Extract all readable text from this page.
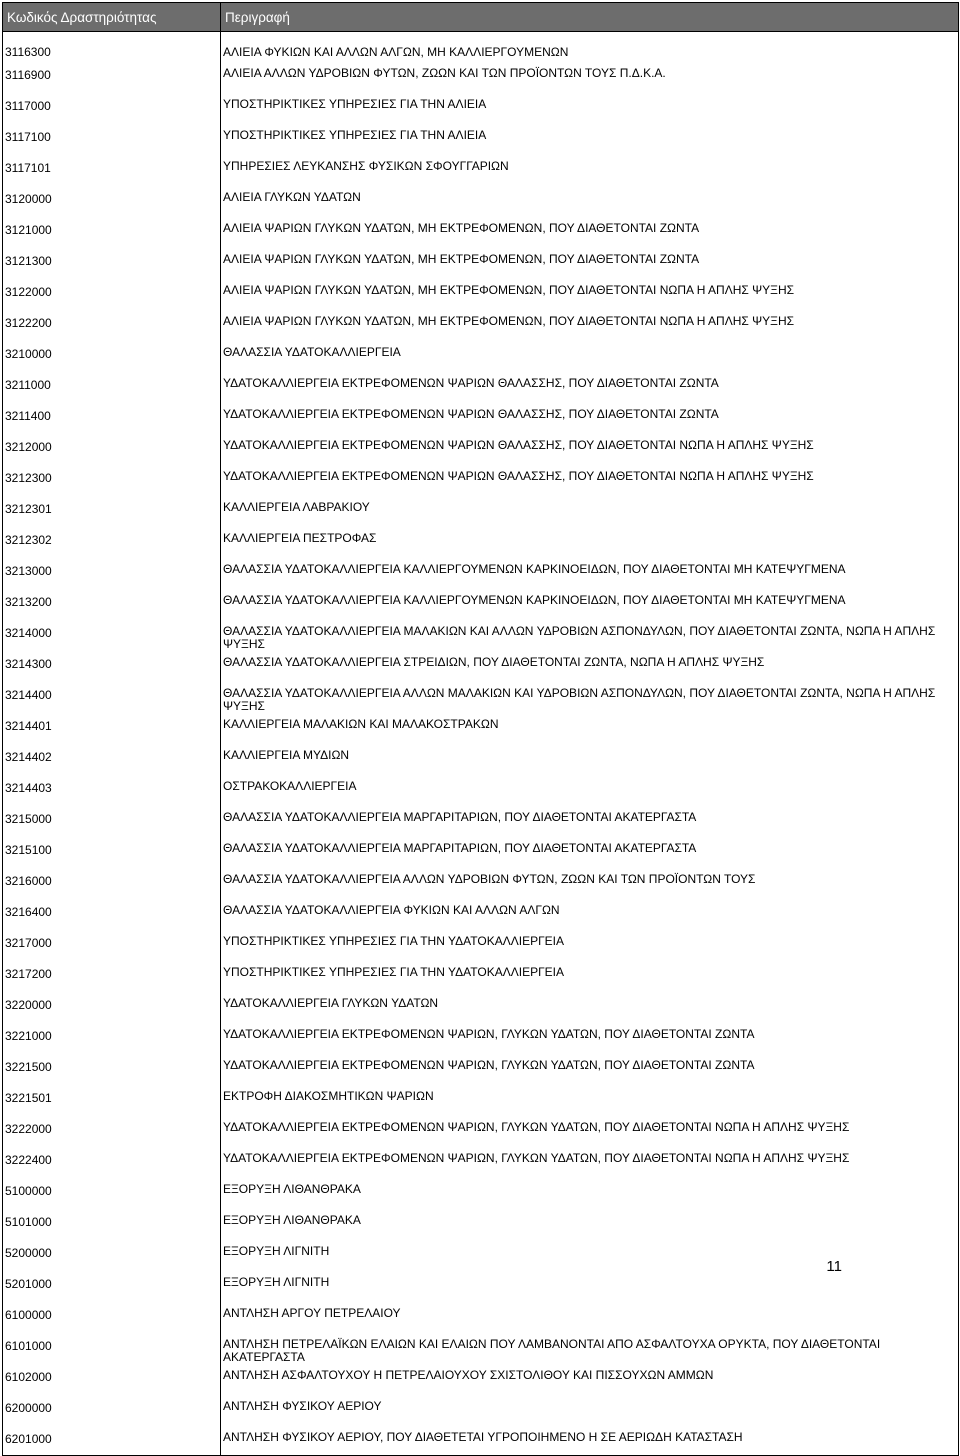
Κωδικός Δραστηριότητας	Περιγραφή
3116300	ΑΛΙΕΙΑ ΦΥΚΙΩΝ ΚΑΙ ΑΛΛΩΝ ΑΛΓΩΝ, ΜΗ ΚΑΛΛΙΕΡΓΟΥΜΕΝΩΝ
3116900	ΑΛΙΕΙΑ ΑΛΛΩΝ ΥΔΡΟΒΙΩΝ ΦΥΤΩΝ, ΖΩΩΝ ΚΑΙ ΤΩΝ ΠΡΟΪΟΝΤΩΝ ΤΟΥΣ Π.Δ.Κ.Α.
3117000	ΥΠΟΣΤΗΡΙΚΤΙΚΕΣ ΥΠΗΡΕΣΙΕΣ ΓΙΑ ΤΗΝ ΑΛΙΕΙΑ
3117100	ΥΠΟΣΤΗΡΙΚΤΙΚΕΣ ΥΠΗΡΕΣΙΕΣ ΓΙΑ ΤΗΝ ΑΛΙΕΙΑ
3117101	ΥΠΗΡΕΣΙΕΣ ΛΕΥΚΑΝΣΗΣ ΦΥΣΙΚΩΝ ΣΦΟΥΓΓΑΡΙΩΝ
3120000	ΑΛΙΕΙΑ ΓΛΥΚΩΝ ΥΔΑΤΩΝ
3121000	ΑΛΙΕΙΑ ΨΑΡΙΩΝ ΓΛΥΚΩΝ ΥΔΑΤΩΝ, ΜΗ ΕΚΤΡΕΦΟΜΕΝΩΝ, ΠΟΥ ΔΙΑΘΕΤΟΝΤΑΙ ΖΩΝΤΑ
3121300	ΑΛΙΕΙΑ ΨΑΡΙΩΝ ΓΛΥΚΩΝ ΥΔΑΤΩΝ, ΜΗ ΕΚΤΡΕΦΟΜΕΝΩΝ, ΠΟΥ ΔΙΑΘΕΤΟΝΤΑΙ ΖΩΝΤΑ
3122000	ΑΛΙΕΙΑ ΨΑΡΙΩΝ ΓΛΥΚΩΝ ΥΔΑΤΩΝ, ΜΗ ΕΚΤΡΕΦΟΜΕΝΩΝ, ΠΟΥ ΔΙΑΘΕΤΟΝΤΑΙ ΝΩΠΑ Η ΑΠΛΗΣ ΨΥΞΗΣ
3122200	ΑΛΙΕΙΑ ΨΑΡΙΩΝ ΓΛΥΚΩΝ ΥΔΑΤΩΝ, ΜΗ ΕΚΤΡΕΦΟΜΕΝΩΝ, ΠΟΥ ΔΙΑΘΕΤΟΝΤΑΙ ΝΩΠΑ Η ΑΠΛΗΣ ΨΥΞΗΣ
3210000	ΘΑΛΑΣΣΙΑ ΥΔΑΤΟΚΑΛΛΙΕΡΓΕΙΑ
3211000	ΥΔΑΤΟΚΑΛΛΙΕΡΓΕΙΑ ΕΚΤΡΕΦΟΜΕΝΩΝ ΨΑΡΙΩΝ ΘΑΛΑΣΣΗΣ, ΠΟΥ ΔΙΑΘΕΤΟΝΤΑΙ ΖΩΝΤΑ
3211400	ΥΔΑΤΟΚΑΛΛΙΕΡΓΕΙΑ ΕΚΤΡΕΦΟΜΕΝΩΝ ΨΑΡΙΩΝ ΘΑΛΑΣΣΗΣ, ΠΟΥ ΔΙΑΘΕΤΟΝΤΑΙ ΖΩΝΤΑ
3212000	ΥΔΑΤΟΚΑΛΛΙΕΡΓΕΙΑ ΕΚΤΡΕΦΟΜΕΝΩΝ ΨΑΡΙΩΝ ΘΑΛΑΣΣΗΣ, ΠΟΥ ΔΙΑΘΕΤΟΝΤΑΙ ΝΩΠΑ Η ΑΠΛΗΣ ΨΥΞΗΣ
3212300	ΥΔΑΤΟΚΑΛΛΙΕΡΓΕΙΑ ΕΚΤΡΕΦΟΜΕΝΩΝ ΨΑΡΙΩΝ ΘΑΛΑΣΣΗΣ, ΠΟΥ ΔΙΑΘΕΤΟΝΤΑΙ ΝΩΠΑ Η ΑΠΛΗΣ ΨΥΞΗΣ
3212301	ΚΑΛΛΙΕΡΓΕΙΑ ΛΑΒΡΑΚΙΟΥ
3212302	ΚΑΛΛΙΕΡΓΕΙΑ ΠΕΣΤΡΟΦΑΣ
3213000	ΘΑΛΑΣΣΙΑ ΥΔΑΤΟΚΑΛΛΙΕΡΓΕΙΑ ΚΑΛΛΙΕΡΓΟΥΜΕΝΩΝ ΚΑΡΚΙΝΟΕΙΔΩΝ, ΠΟΥ ΔΙΑΘΕΤΟΝΤΑΙ ΜΗ ΚΑΤΕΨΥΓΜΕΝΑ
3213200	ΘΑΛΑΣΣΙΑ ΥΔΑΤΟΚΑΛΛΙΕΡΓΕΙΑ ΚΑΛΛΙΕΡΓΟΥΜΕΝΩΝ ΚΑΡΚΙΝΟΕΙΔΩΝ, ΠΟΥ ΔΙΑΘΕΤΟΝΤΑΙ ΜΗ ΚΑΤΕΨΥΓΜΕΝΑ
3214000	ΘΑΛΑΣΣΙΑ ΥΔΑΤΟΚΑΛΛΙΕΡΓΕΙΑ ΜΑΛΑΚΙΩΝ ΚΑΙ ΑΛΛΩΝ ΥΔΡΟΒΙΩΝ ΑΣΠΟΝΔΥΛΩΝ, ΠΟΥ ΔΙΑΘΕΤΟΝΤΑΙ ΖΩΝΤΑ, ΝΩΠΑ Η ΑΠΛΗΣ ΨΥΞΗΣ
3214300	ΘΑΛΑΣΣΙΑ ΥΔΑΤΟΚΑΛΛΙΕΡΓΕΙΑ ΣΤΡΕΙΔΙΩΝ, ΠΟΥ ΔΙΑΘΕΤΟΝΤΑΙ ΖΩΝΤΑ, ΝΩΠΑ Η ΑΠΛΗΣ ΨΥΞΗΣ
3214400	ΘΑΛΑΣΣΙΑ ΥΔΑΤΟΚΑΛΛΙΕΡΓΕΙΑ ΑΛΛΩΝ ΜΑΛΑΚΙΩΝ ΚΑΙ ΥΔΡΟΒΙΩΝ ΑΣΠΟΝΔΥΛΩΝ, ΠΟΥ ΔΙΑΘΕΤΟΝΤΑΙ ΖΩΝΤΑ, ΝΩΠΑ Η ΑΠΛΗΣ ΨΥΞΗΣ
3214401	ΚΑΛΛΙΕΡΓΕΙΑ ΜΑΛΑΚΙΩΝ ΚΑΙ ΜΑΛΑΚΟΣΤΡΑΚΩΝ
3214402	ΚΑΛΛΙΕΡΓΕΙΑ ΜΥΔΙΩΝ
3214403	ΟΣΤΡΑΚΟΚΑΛΛΙΕΡΓΕΙΑ
3215000	ΘΑΛΑΣΣΙΑ ΥΔΑΤΟΚΑΛΛΙΕΡΓΕΙΑ ΜΑΡΓΑΡΙΤΑΡΙΩΝ, ΠΟΥ ΔΙΑΘΕΤΟΝΤΑΙ ΑΚΑΤΕΡΓΑΣΤΑ
3215100	ΘΑΛΑΣΣΙΑ ΥΔΑΤΟΚΑΛΛΙΕΡΓΕΙΑ ΜΑΡΓΑΡΙΤΑΡΙΩΝ, ΠΟΥ ΔΙΑΘΕΤΟΝΤΑΙ ΑΚΑΤΕΡΓΑΣΤΑ
3216000	ΘΑΛΑΣΣΙΑ ΥΔΑΤΟΚΑΛΛΙΕΡΓΕΙΑ ΑΛΛΩΝ ΥΔΡΟΒΙΩΝ ΦΥΤΩΝ, ΖΩΩΝ ΚΑΙ ΤΩΝ ΠΡΟΪΟΝΤΩΝ ΤΟΥΣ
3216400	ΘΑΛΑΣΣΙΑ ΥΔΑΤΟΚΑΛΛΙΕΡΓΕΙΑ ΦΥΚΙΩΝ ΚΑΙ ΑΛΛΩΝ ΑΛΓΩΝ
3217000	ΥΠΟΣΤΗΡΙΚΤΙΚΕΣ ΥΠΗΡΕΣΙΕΣ ΓΙΑ ΤΗΝ ΥΔΑΤΟΚΑΛΛΙΕΡΓΕΙΑ
3217200	ΥΠΟΣΤΗΡΙΚΤΙΚΕΣ ΥΠΗΡΕΣΙΕΣ ΓΙΑ ΤΗΝ ΥΔΑΤΟΚΑΛΛΙΕΡΓΕΙΑ
3220000	ΥΔΑΤΟΚΑΛΛΙΕΡΓΕΙΑ ΓΛΥΚΩΝ ΥΔΑΤΩΝ
3221000	ΥΔΑΤΟΚΑΛΛΙΕΡΓΕΙΑ ΕΚΤΡΕΦΟΜΕΝΩΝ ΨΑΡΙΩΝ, ΓΛΥΚΩΝ ΥΔΑΤΩΝ, ΠΟΥ ΔΙΑΘΕΤΟΝΤΑΙ ΖΩΝΤΑ
3221500	ΥΔΑΤΟΚΑΛΛΙΕΡΓΕΙΑ ΕΚΤΡΕΦΟΜΕΝΩΝ ΨΑΡΙΩΝ, ΓΛΥΚΩΝ ΥΔΑΤΩΝ, ΠΟΥ ΔΙΑΘΕΤΟΝΤΑΙ ΖΩΝΤΑ
3221501	ΕΚΤΡΟΦΗ ΔΙΑΚΟΣΜΗΤΙΚΩΝ ΨΑΡΙΩΝ
3222000	ΥΔΑΤΟΚΑΛΛΙΕΡΓΕΙΑ ΕΚΤΡΕΦΟΜΕΝΩΝ ΨΑΡΙΩΝ, ΓΛΥΚΩΝ ΥΔΑΤΩΝ, ΠΟΥ ΔΙΑΘΕΤΟΝΤΑΙ ΝΩΠΑ Η ΑΠΛΗΣ ΨΥΞΗΣ
3222400	ΥΔΑΤΟΚΑΛΛΙΕΡΓΕΙΑ ΕΚΤΡΕΦΟΜΕΝΩΝ ΨΑΡΙΩΝ, ΓΛΥΚΩΝ ΥΔΑΤΩΝ, ΠΟΥ ΔΙΑΘΕΤΟΝΤΑΙ ΝΩΠΑ Η ΑΠΛΗΣ ΨΥΞΗΣ
5100000	ΕΞΟΡΥΞΗ ΛΙΘΑΝΘΡΑΚΑ
5101000	ΕΞΟΡΥΞΗ ΛΙΘΑΝΘΡΑΚΑ
5200000	ΕΞΟΡΥΞΗ ΛΙΓΝΙΤΗ
5201000	ΕΞΟΡΥΞΗ ΛΙΓΝΙΤΗ
6100000	ΑΝΤΛΗΣΗ ΑΡΓΟΥ ΠΕΤΡΕΛΑΙΟΥ
6101000	ΑΝΤΛΗΣΗ ΠΕΤΡΕΛΑΪΚΩΝ ΕΛΑΙΩΝ ΚΑΙ ΕΛΑΙΩΝ ΠΟΥ ΛΑΜΒΑΝΟΝΤΑΙ ΑΠΟ ΑΣΦΑΛΤΟΥΧΑ ΟΡΥΚΤΑ, ΠΟΥ ΔΙΑΘΕΤΟΝΤΑΙ ΑΚΑΤΕΡΓΑΣΤΑ
6102000	ΑΝΤΛΗΣΗ ΑΣΦΑΛΤΟΥΧΟΥ Η ΠΕΤΡΕΛΑΙΟΥΧΟΥ ΣΧΙΣΤΟΛΙΘΟΥ ΚΑΙ ΠΙΣΣΟΥΧΩΝ ΑΜΜΩΝ
6200000	ΑΝΤΛΗΣΗ ΦΥΣΙΚΟΥ ΑΕΡΙΟΥ
6201000	ΑΝΤΛΗΣΗ ΦΥΣΙΚΟΥ ΑΕΡΙΟΥ, ΠΟΥ ΔΙΑΘΕΤΕΤΑΙ ΥΓΡΟΠΟΙΗΜΕΝΟ Η ΣΕ ΑΕΡΙΩΔΗ ΚΑΤΑΣΤΑΣΗ
11
